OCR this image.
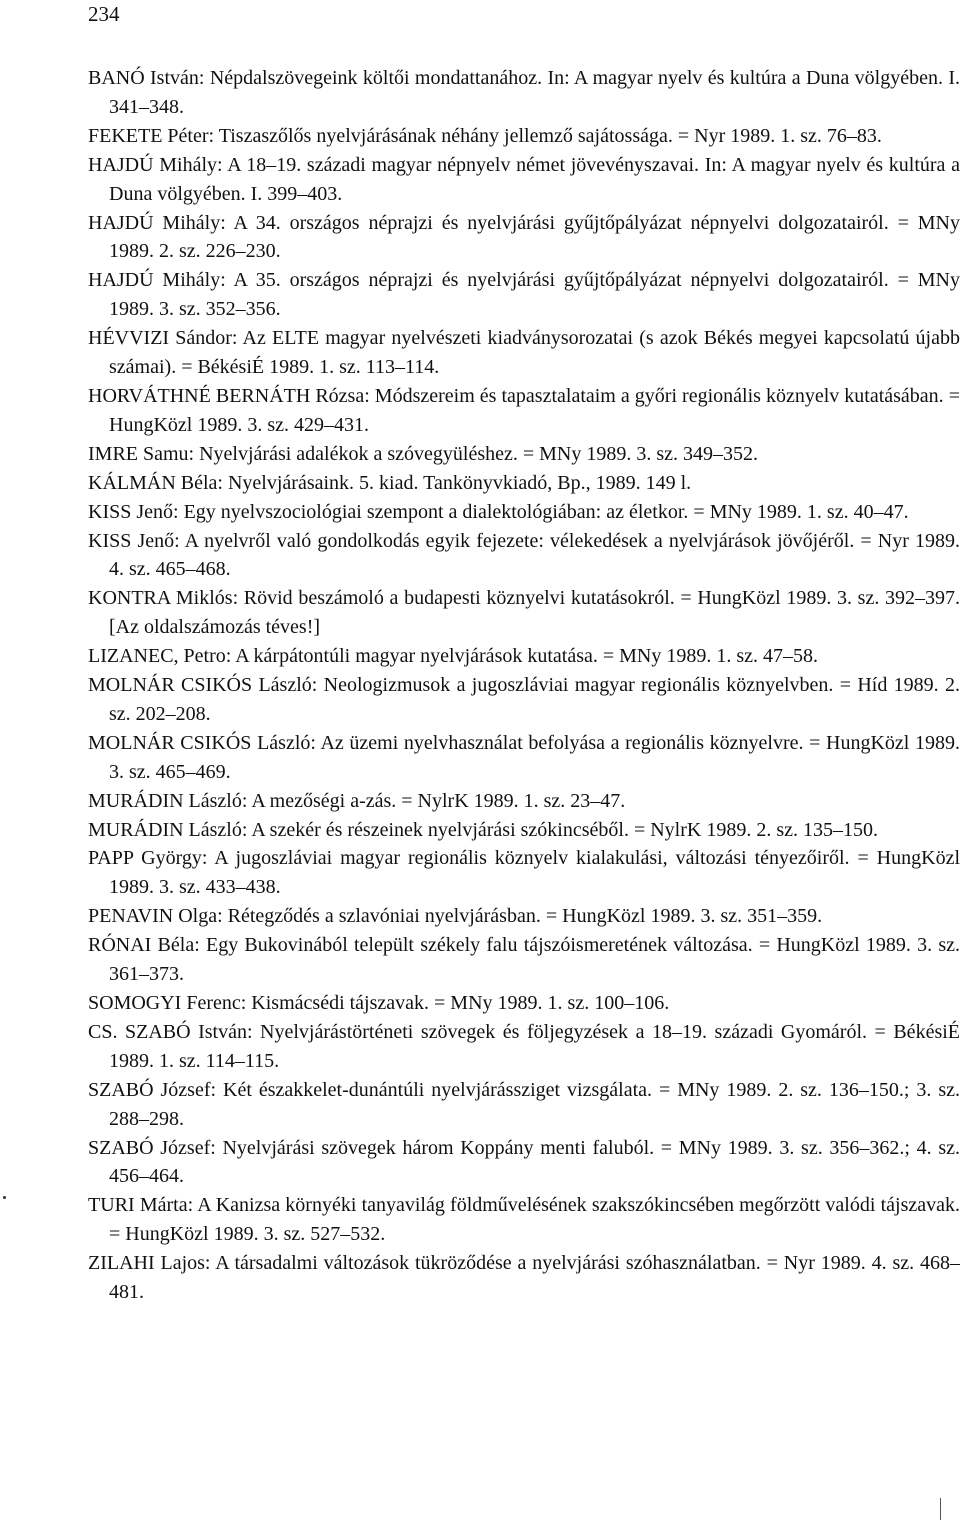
234
BANÓ István: Népdalszövegeink költői mondattanához. In: A magyar nyelv és kultúra a Duna völgyében. I. 341–348.
FEKETE Péter: Tiszaszőlős nyelvjárásának néhány jellemző sajátossága. = Nyr 1989. 1. sz. 76–83.
HAJDÚ Mihály: A 18–19. századi magyar népnyelv német jövevényszavai. In: A magyar nyelv és kultúra a Duna völgyében. I. 399–403.
HAJDÚ Mihály: A 34. országos néprajzi és nyelvjárási gyűjtőpályázat népnyelvi dolgozatairól. = MNy 1989. 2. sz. 226–230.
HAJDÚ Mihály: A 35. országos néprajzi és nyelvjárási gyűjtőpályázat népnyelvi dolgozatairól. = MNy 1989. 3. sz. 352–356.
HÉVVIZI Sándor: Az ELTE magyar nyelvészeti kiadványsorozatai (s azok Békés megyei kapcsolatú újabb számai). = BékésiÉ 1989. 1. sz. 113–114.
HORVÁTHNÉ BERNÁTH Rózsa: Módszereim és tapasztalataim a győri regionális köznyelv kutatásában. = HungKözl 1989. 3. sz. 429–431.
IMRE Samu: Nyelvjárási adalékok a szóvegyüléshez. = MNy 1989. 3. sz. 349–352.
KÁLMÁN Béla: Nyelvjárásaink. 5. kiad. Tankönyvkiadó, Bp., 1989. 149 l.
KISS Jenő: Egy nyelvszociológiai szempont a dialektológiában: az életkor. = MNy 1989. 1. sz. 40–47.
KISS Jenő: A nyelvről való gondolkodás egyik fejezete: vélekedések a nyelvjárások jövőjéről. = Nyr 1989. 4. sz. 465–468.
KONTRA Miklós: Rövid beszámoló a budapesti köznyelvi kutatásokról. = HungKözl 1989. 3. sz. 392–397. [Az oldalszámozás téves!]
LIZANEC, Petro: A kárpátontúli magyar nyelvjárások kutatása. = MNy 1989. 1. sz. 47–58.
MOLNÁR CSIKÓS László: Neologizmusok a jugoszláviai magyar regionális köznyelvben. = Híd 1989. 2. sz. 202–208.
MOLNÁR CSIKÓS László: Az üzemi nyelvhasználat befolyása a regionális köznyelvre. = HungKözl 1989. 3. sz. 465–469.
MURÁDIN László: A mezőségi a-zás. = NylrK 1989. 1. sz. 23–47.
MURÁDIN László: A szekér és részeinek nyelvjárási szókincséből. = NylrK 1989. 2. sz. 135–150.
PAPP György: A jugoszláviai magyar regionális köznyelv kialakulási, változási tényezőiről. = HungKözl 1989. 3. sz. 433–438.
PENAVIN Olga: Rétegződés a szlavóniai nyelvjárásban. = HungKözl 1989. 3. sz. 351–359.
RÓNAI Béla: Egy Bukovinából települt székely falu tájszóismeretének változása. = HungKözl 1989. 3. sz. 361–373.
SOMOGYI Ferenc: Kismácsédi tájszavak. = MNy 1989. 1. sz. 100–106.
CS. SZABÓ István: Nyelvjárástörténeti szövegek és följegyzések a 18–19. századi Gyomáról. = BékésiÉ 1989. 1. sz. 114–115.
SZABÓ József: Két északkelet-dunántúli nyelvjárássziget vizsgálata. = MNy 1989. 2. sz. 136–150.; 3. sz. 288–298.
SZABÓ József: Nyelvjárási szövegek három Koppány menti faluból. = MNy 1989. 3. sz. 356–362.; 4. sz. 456–464.
TURI Márta: A Kanizsa környéki tanyavilág földművelésének szakszókincsében megőrzött valódi tájszavak. = HungKözl 1989. 3. sz. 527–532.
ZILAHI Lajos: A társadalmi változások tükröződése a nyelvjárási szóhasználatban. = Nyr 1989. 4. sz. 468–481.
